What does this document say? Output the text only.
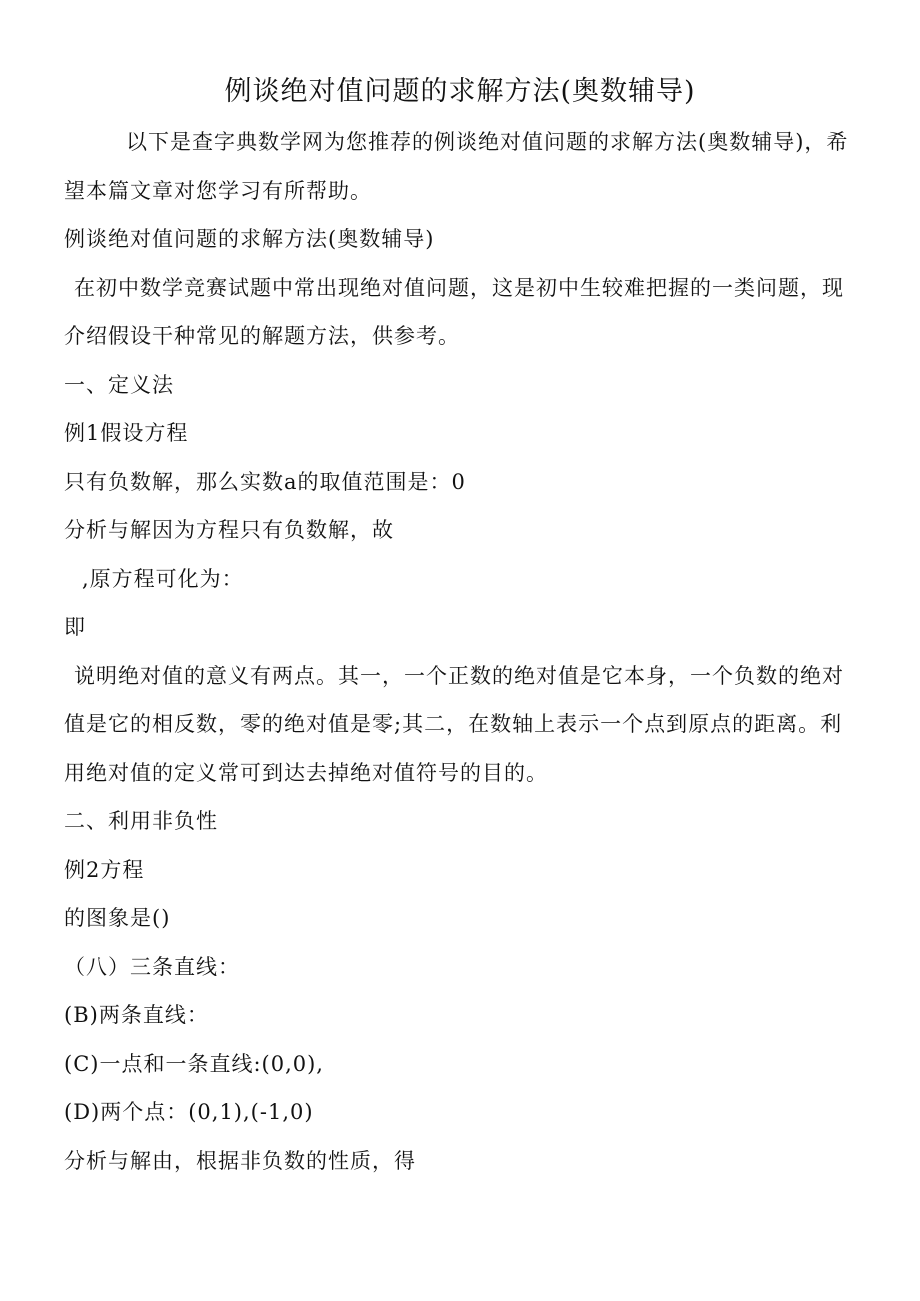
例谈绝对值问题的求解方法(奥数辅导)

以下是查字典数学网为您推荐的例谈绝对值问题的求解方法(奥数辅导)，希望本篇文章对您学习有所帮助。

例谈绝对值问题的求解方法(奥数辅导)

在初中数学竞赛试题中常出现绝对值问题，这是初中生较难把握的一类问题，现介绍假设干种常见的解题方法，供参考。

一、定义法

例1假设方程

只有负数解，那么实数a的取值范围是：0

分析与解因为方程只有负数解，故

,原方程可化为：

即

说明绝对值的意义有两点。其一，一个正数的绝对值是它本身，一个负数的绝对值是它的相反数，零的绝对值是零;其二，在数轴上表示一个点到原点的距离。利用绝对值的定义常可到达去掉绝对值符号的目的。

二、利用非负性

例2方程

的图象是()

（八）三条直线：

(B)两条直线：

(C)一点和一条直线:(0,0),

(D)两个点：(0,1),(-1,0)

分析与解由，根据非负数的性质，得
